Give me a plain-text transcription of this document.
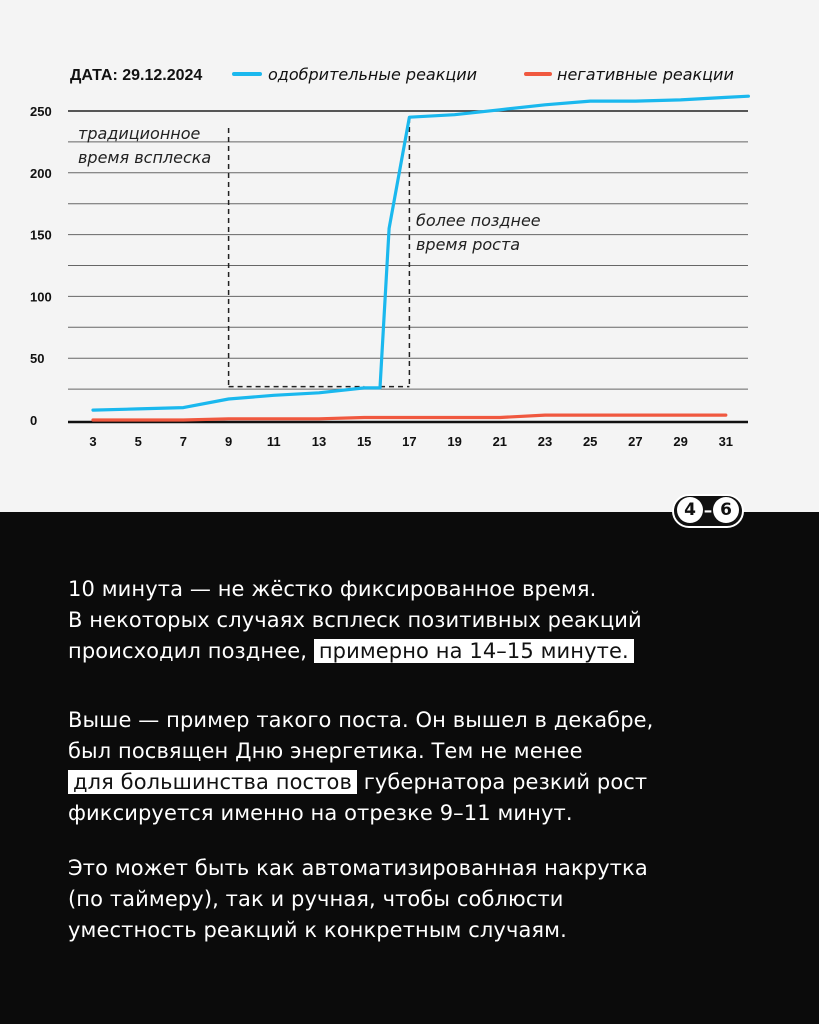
0
50
100
150
200
250
3	5	7	9	11 13 15 17 19 21 23 25 27 29 31
ДАТА: 29.12.2024	одобрительные реакции	негативные реакции
традиционное
время всплеска
более позднее
время роста
4 – 6
10 минута — не жёстко фиксированное время.
В некоторых случаях всплеск позитивных реакций
происходил позднее, примерно на 14–15 минуте.
Выше — пример такого поста. Он вышел в декабре,
был посвящен Дню энергетика. Тем не менее
для большинства постов губернатора резкий рост
фиксируется именно на отрезке 9–11 минут.
Это может быть как автоматизированная накрутка
(по таймеру), так и ручная, чтобы соблюсти
уместность реакций к конкретным случаям.
